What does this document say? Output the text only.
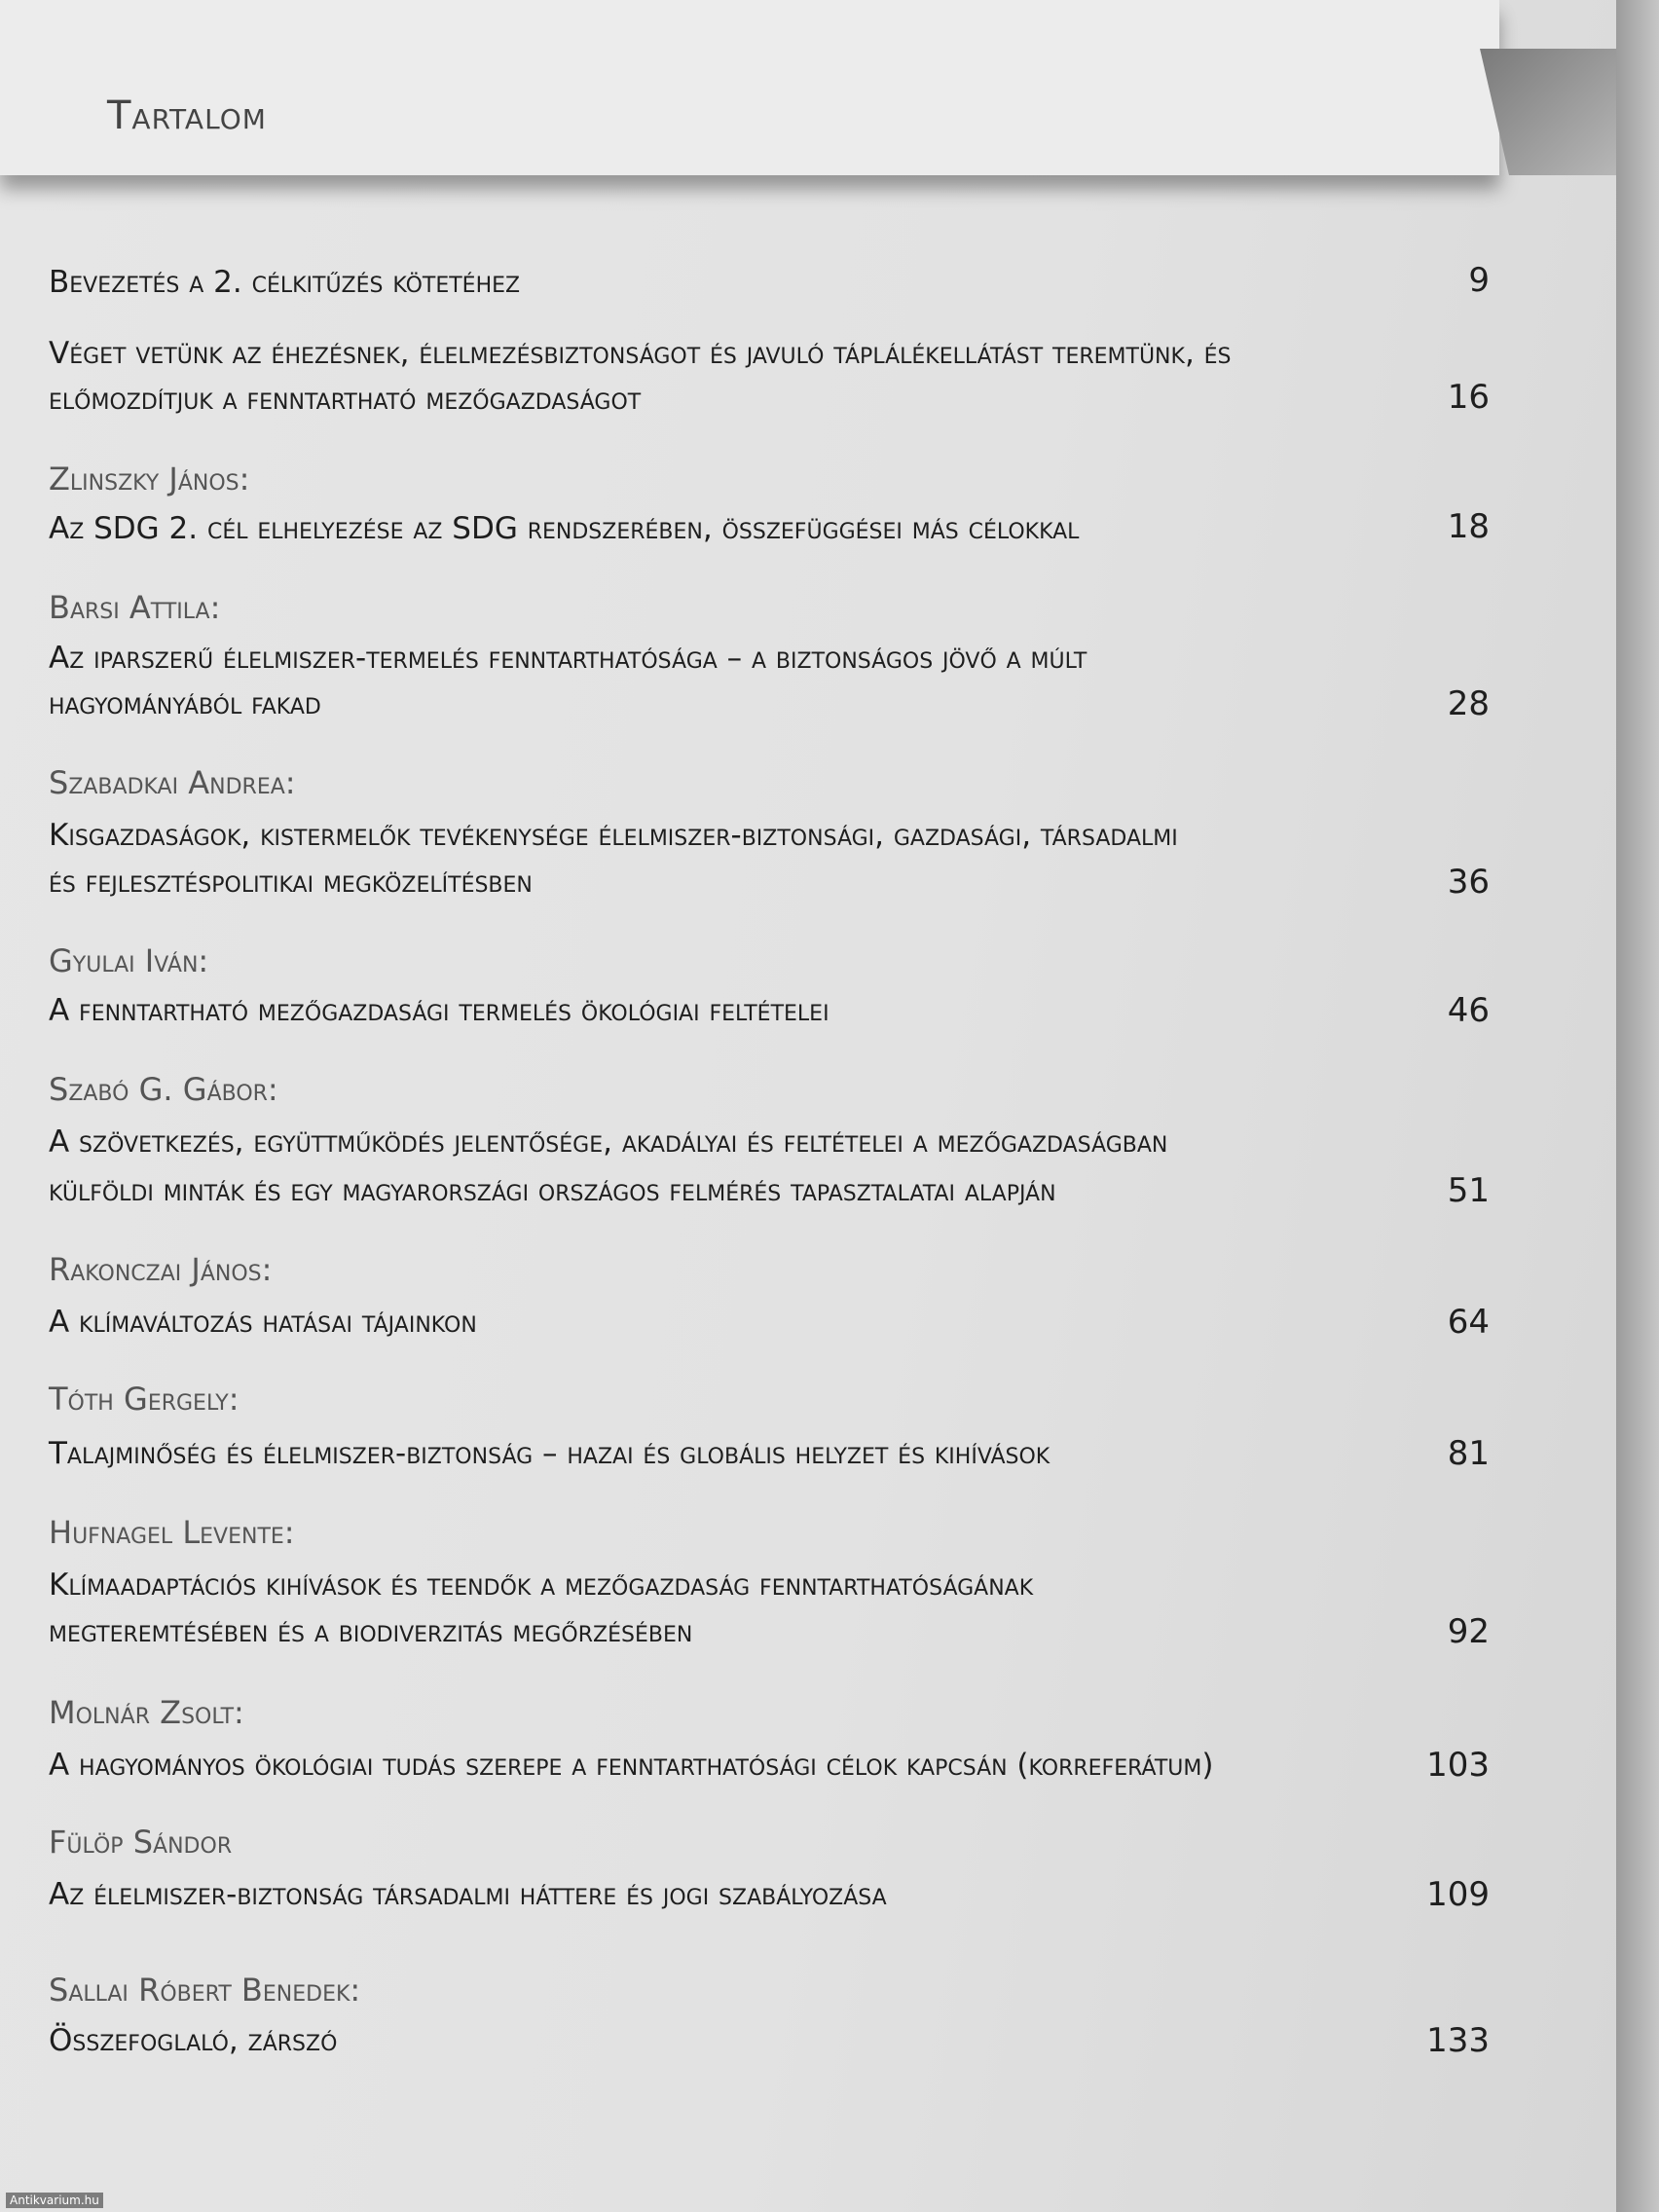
Tartalom
Bevezetés a 2. célkitűzés kötetéhez	9
Véget vetünk az éhezésnek, élelmezésbiztonságot és javuló táplálékellátást teremtünk, és
előmozdítjuk a fenntartható mezőgazdaságot	16
Zlinszky János:
Az SDG 2. cél elhelyezése az SDG rendszerében, összefüggései más célokkal	18
Barsi Attila:
Az iparszerű élelmiszer-termelés fenntarthatósága – a biztonságos jövő a múlt
hagyományából fakad	28
Szabadkai Andrea:
Kisgazdaságok, kistermelők tevékenysége élelmiszer-biztonsági, gazdasági, társadalmi
és fejlesztéspolitikai megközelítésben	36
Gyulai Iván:
A fenntartható mezőgazdasági termelés ökológiai feltételei	46
Szabó G. Gábor:
A szövetkezés, együttműködés jelentősége, akadályai és feltételei a mezőgazdaságban
külföldi minták és egy magyarországi országos felmérés tapasztalatai alapján	51
Rakonczai János:
A klímaváltozás hatásai tájainkon	64
Tóth Gergely:
Talajminőség és élelmiszer-biztonság – hazai és globális helyzet és kihívások	81
Hufnagel Levente:
Klímaadaptációs kihívások és teendők a mezőgazdaság fenntarthatóságának
megteremtésében és a biodiverzitás megőrzésében	92
Molnár Zsolt:
A hagyományos ökológiai tudás szerepe a fenntarthatósági célok kapcsán (korreferátum)	103
Fülöp Sándor
Az élelmiszer-biztonság társadalmi háttere és jogi szabályozása	109
Sallai Róbert Benedek:
Összefoglaló, zárszó	133
Antikvarium.hu
